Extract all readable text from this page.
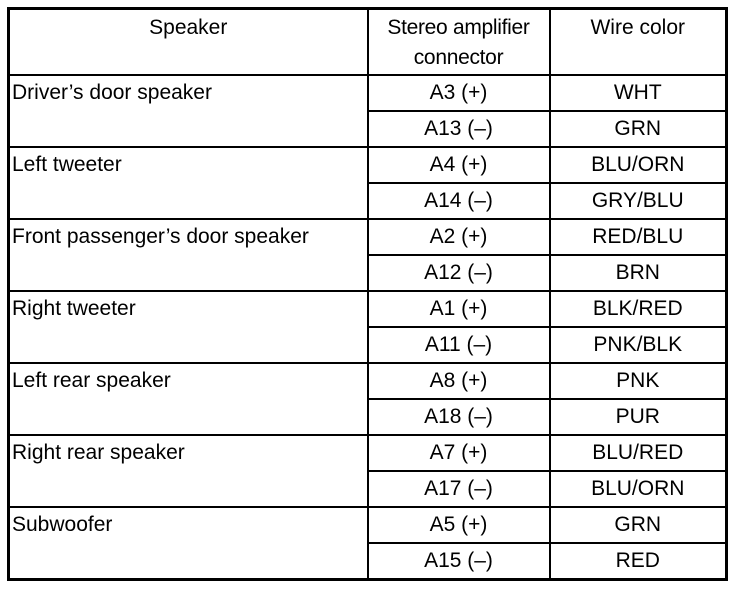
Speaker	Stereo amplifier connector	Wire color
Driver’s door speaker	A3 (+)	WHT
	A13 (–)	GRN
Left tweeter	A4 (+)	BLU/ORN
	A14 (–)	GRY/BLU
Front passenger’s door speaker	A2 (+)	RED/BLU
	A12 (–)	BRN
Right tweeter	A1 (+)	BLK/RED
	A11 (–)	PNK/BLK
Left rear speaker	A8 (+)	PNK
	A18 (–)	PUR
Right rear speaker	A7 (+)	BLU/RED
	A17 (–)	BLU/ORN
Subwoofer	A5 (+)	GRN
	A15 (–)	RED
